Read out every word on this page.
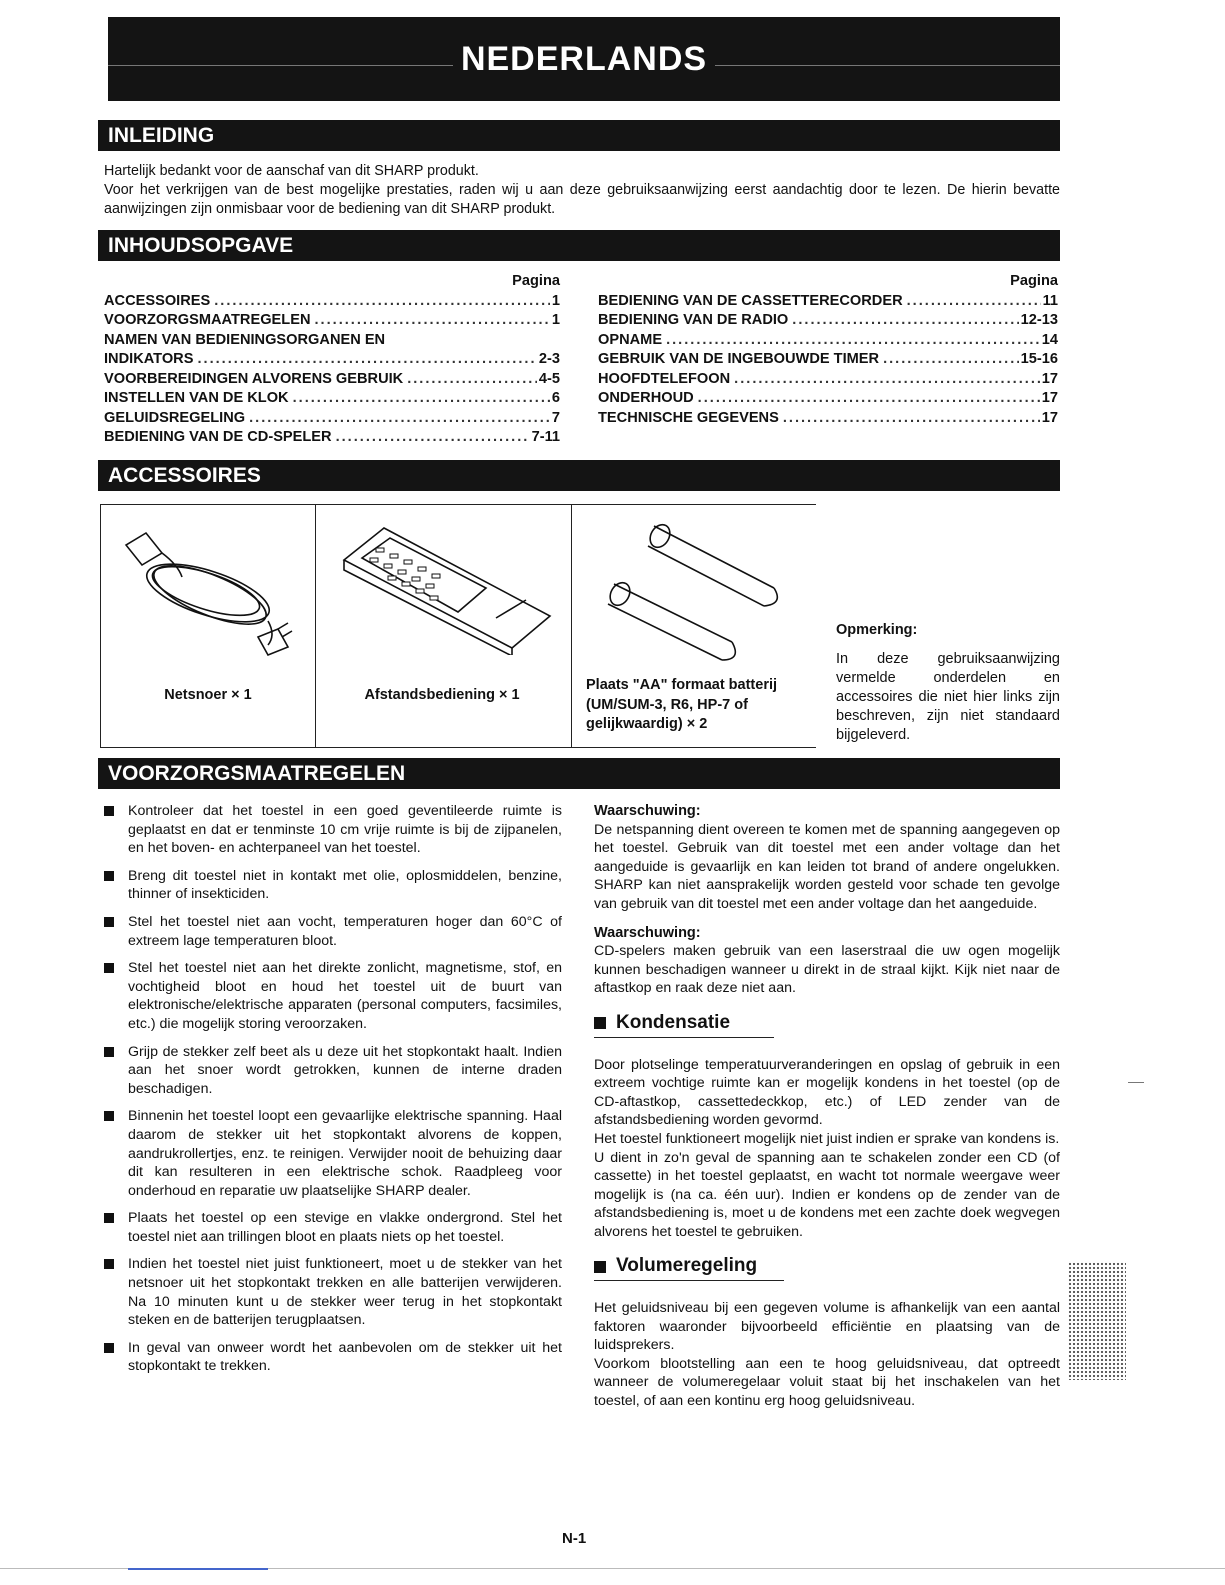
NEDERLANDS
INLEIDING

Hartelijk bedankt voor de aanschaf van dit SHARP produkt.

Voor het verkrijgen van de best mogelijke prestaties, raden wij u aan deze gebruiksaanwijzing eerst aandachtig door te lezen. De hierin bevatte aanwijzingen zijn onmisbaar voor de bediening van dit SHARP produkt.

INHOUDSOPGAVE
Pagina
ACCESSOIRES .....	1
VOORZORGSMAATREGELEN .....	1
NAMEN VAN BEDIENINGSORGANEN EN
INDIKATORS .....	2-3
VOORBEREIDINGEN ALVORENS GEBRUIK .....	4-5
INSTELLEN VAN DE KLOK .....	6
GELUIDSREGELING .....	7
BEDIENING VAN DE CD-SPELER .....	7-11
Pagina
BEDIENING VAN DE CASSETTERECORDER .....	11
BEDIENING VAN DE RADIO .....	12-13
OPNAME .....	14
GEBRUIK VAN DE INGEBOUWDE TIMER .....	15-16
HOOFDTELEFOON .....	17
ONDERHOUD .....	17
TECHNISCHE GEGEVENS .....	17
ACCESSOIRES
Netsnoer × 1	Afstandsbediening × 1
Plaats "AA" formaat batterij (UM/SUM-3, R6, HP-7 of gelijkwaardig) × 2
Opmerking:
In deze gebruiksaanwijzing vermelde onderdelen en accessoires die niet hier links zijn beschreven, zijn niet standaard bijgeleverd.
VOORZORGSMAATREGELEN
Kontroleer dat het toestel in een goed geventileerde ruimte is geplaatst en dat er tenminste 10 cm vrije ruimte is bij de zijpanelen, en het boven- en achterpaneel van het toestel.
Breng dit toestel niet in kontakt met olie, oplosmiddelen, benzine, thinner of insekticiden.
Stel het toestel niet aan vocht, temperaturen hoger dan 60°C of extreem lage temperaturen bloot.
Stel het toestel niet aan het direkte zonlicht, magnetisme, stof, en vochtigheid bloot en houd het toestel uit de buurt van elektronische/elektrische apparaten (personal computers, facsimiles, etc.) die mogelijk storing veroorzaken.
Grijp de stekker zelf beet als u deze uit het stopkontakt haalt. Indien aan het snoer wordt getrokken, kunnen de interne draden beschadigen.
Binnenin het toestel loopt een gevaarlijke elektrische spanning. Haal daarom de stekker uit het stopkontakt alvorens de koppen, aandrukrollertjes, enz. te reinigen. Verwijder nooit de behuizing daar dit kan resulteren in een elektrische schok. Raadpleeg voor onderhoud en reparatie uw plaatselijke SHARP dealer.
Plaats het toestel op een stevige en vlakke ondergrond. Stel het toestel niet aan trillingen bloot en plaats niets op het toestel.
Indien het toestel niet juist funktioneert, moet u de stekker van het netsnoer uit het stopkontakt trekken en alle batterijen verwijderen. Na 10 minuten kunt u de stekker weer terug in het stopkontakt steken en de batterijen terugplaatsen.
In geval van onweer wordt het aanbevolen om de stekker uit het stopkontakt te trekken.

Waarschuwing:

De netspanning dient overeen te komen met de spanning aangegeven op het toestel. Gebruik van dit toestel met een ander voltage dan het aangeduide is gevaarlijk en kan leiden tot brand of andere ongelukken. SHARP kan niet aansprakelijk worden gesteld voor schade ten gevolge van gebruik van dit toestel met een ander voltage dan het aangeduide.

Waarschuwing:

CD-spelers maken gebruik van een laserstraal die uw ogen mogelijk kunnen beschadigen wanneer u direkt in de straal kijkt. Kijk niet naar de aftastkop en raak deze niet aan.

Kondensatie

Door plotselinge temperatuurveranderingen en opslag of gebruik in een extreem vochtige ruimte kan er mogelijk kondens in het toestel (op de CD-aftastkop, cassettedeckkop, etc.) of LED zender van de afstandsbediening worden gevormd.

Het toestel funktioneert mogelijk niet juist indien er sprake van kondens is.

U dient in zo'n geval de spanning aan te schakelen zonder een CD (of cassette) in het toestel geplaatst, en wacht tot normale weergave weer mogelijk is (na ca. één uur). Indien er kondens op de zender van de afstandsbediening is, moet u de kondens met een zachte doek wegvegen alvorens het toestel te gebruiken.

Volumeregeling

Het geluidsniveau bij een gegeven volume is afhankelijk van een aantal faktoren waaronder bijvoorbeeld efficiëntie en plaatsing van de luidsprekers.

Voorkom blootstelling aan een te hoog geluidsniveau, dat optreedt wanneer de volumeregelaar voluit staat bij het inschakelen van het toestel, of aan een kontinu erg hoog geluidsniveau.

N-1
